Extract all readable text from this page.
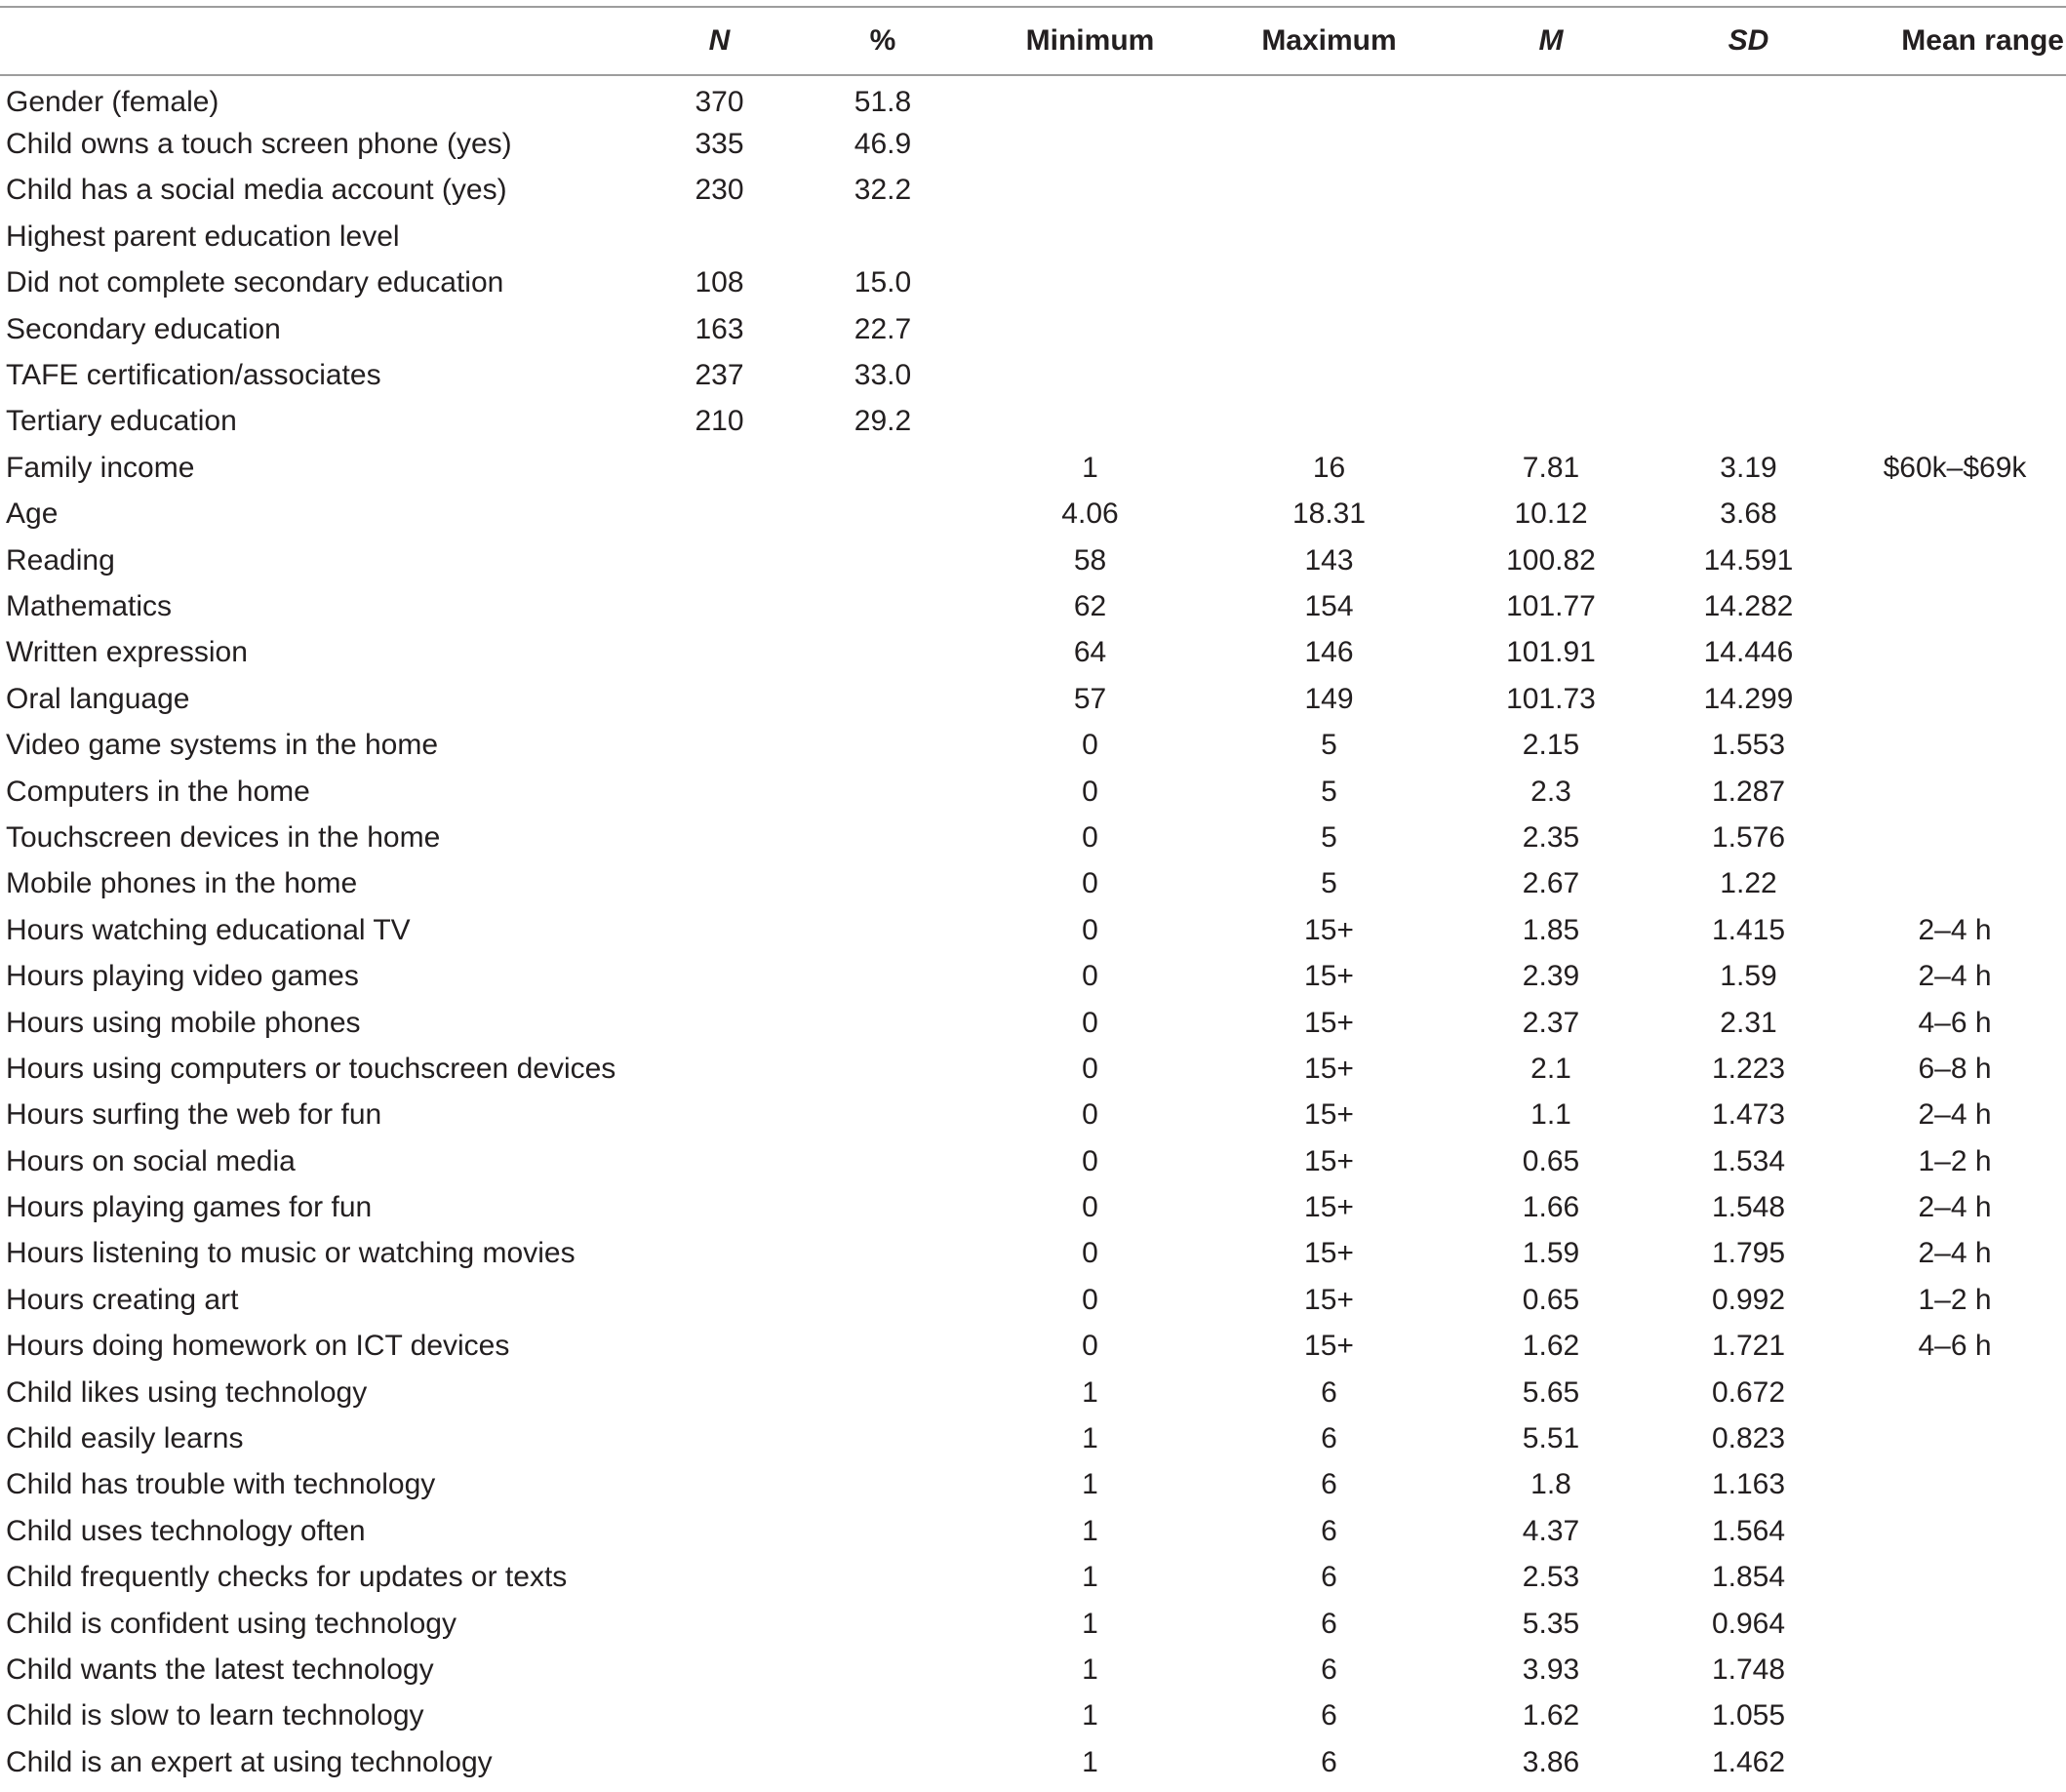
	N	%	Minimum	Maximum	M	SD	Mean range
Gender (female)	370	51.8					
Child owns a touch screen phone (yes)	335	46.9					
Child has a social media account (yes)	230	32.2					
Highest parent education level							
Did not complete secondary education	108	15.0					
Secondary education	163	22.7					
TAFE certification/associates	237	33.0					
Tertiary education	210	29.2					
Family income			1	16	7.81	3.19	$60k–$69k
Age			4.06	18.31	10.12	3.68	
Reading			58	143	100.82	14.591	
Mathematics			62	154	101.77	14.282	
Written expression			64	146	101.91	14.446	
Oral language			57	149	101.73	14.299	
Video game systems in the home			0	5	2.15	1.553	
Computers in the home			0	5	2.3	1.287	
Touchscreen devices in the home			0	5	2.35	1.576	
Mobile phones in the home			0	5	2.67	1.22	
Hours watching educational TV			0	15+	1.85	1.415	2–4 h
Hours playing video games			0	15+	2.39	1.59	2–4 h
Hours using mobile phones			0	15+	2.37	2.31	4–6 h
Hours using computers or touchscreen devices			0	15+	2.1	1.223	6–8 h
Hours surfing the web for fun			0	15+	1.1	1.473	2–4 h
Hours on social media			0	15+	0.65	1.534	1–2 h
Hours playing games for fun			0	15+	1.66	1.548	2–4 h
Hours listening to music or watching movies			0	15+	1.59	1.795	2–4 h
Hours creating art			0	15+	0.65	0.992	1–2 h
Hours doing homework on ICT devices			0	15+	1.62	1.721	4–6 h
Child likes using technology			1	6	5.65	0.672	
Child easily learns			1	6	5.51	0.823	
Child has trouble with technology			1	6	1.8	1.163	
Child uses technology often			1	6	4.37	1.564	
Child frequently checks for updates or texts			1	6	2.53	1.854	
Child is confident using technology			1	6	5.35	0.964	
Child wants the latest technology			1	6	3.93	1.748	
Child is slow to learn technology			1	6	1.62	1.055	
Child is an expert at using technology			1	6	3.86	1.462	
